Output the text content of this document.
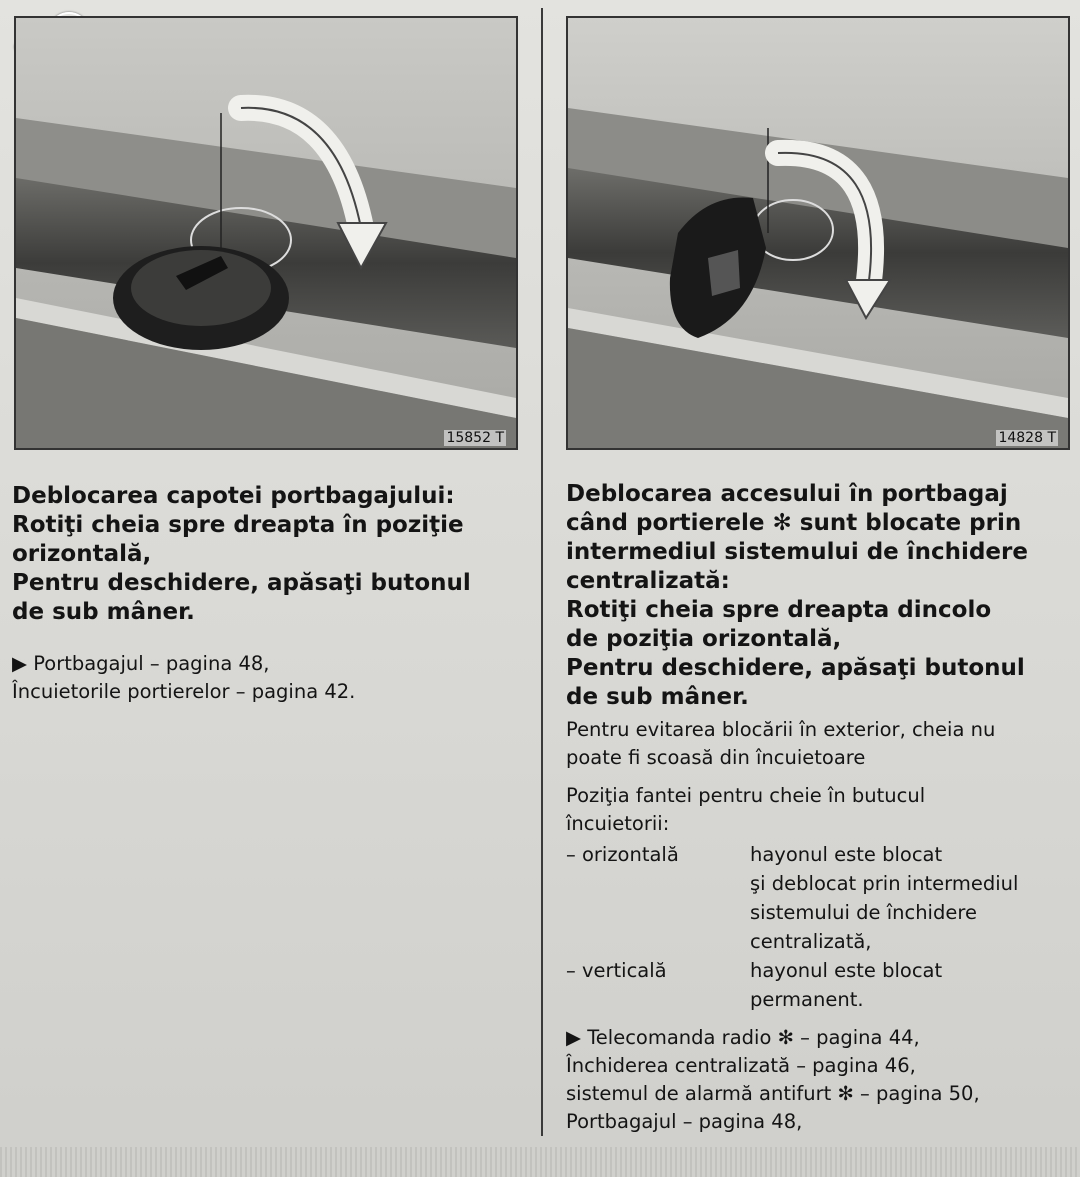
15852 T	14828 T
Deblocarea capotei portbagajului:
Rotiţi cheia spre dreapta în poziţie
orizontală,
Pentru deschidere, apăsaţi butonul
de sub mâner.
▶ Portbagajul – pagina 48,
Încuietorile portierelor – pagina 42.
Deblocarea accesului în portbagaj
când portierele ✻ sunt blocate prin
intermediul sistemului de închidere
centralizată:
Rotiţi cheia spre dreapta dincolo
de poziţia orizontală,
Pentru deschidere, apăsaţi butonul
de sub mâner.
Pentru evitarea blocării în exterior, cheia nu
poate fi scoasă din încuietoare
Poziţia fantei pentru cheie în butucul
încuietorii:
– orizontală	hayonul este blocat
şi deblocat prin intermediul
sistemului de închidere
centralizată,
– verticală	hayonul este blocat
permanent.
▶ Telecomanda radio ✻ – pagina 44,
Închiderea centralizată – pagina 46,
sistemul de alarmă antifurt ✻ – pagina 50,
Portbagajul – pagina 48,
